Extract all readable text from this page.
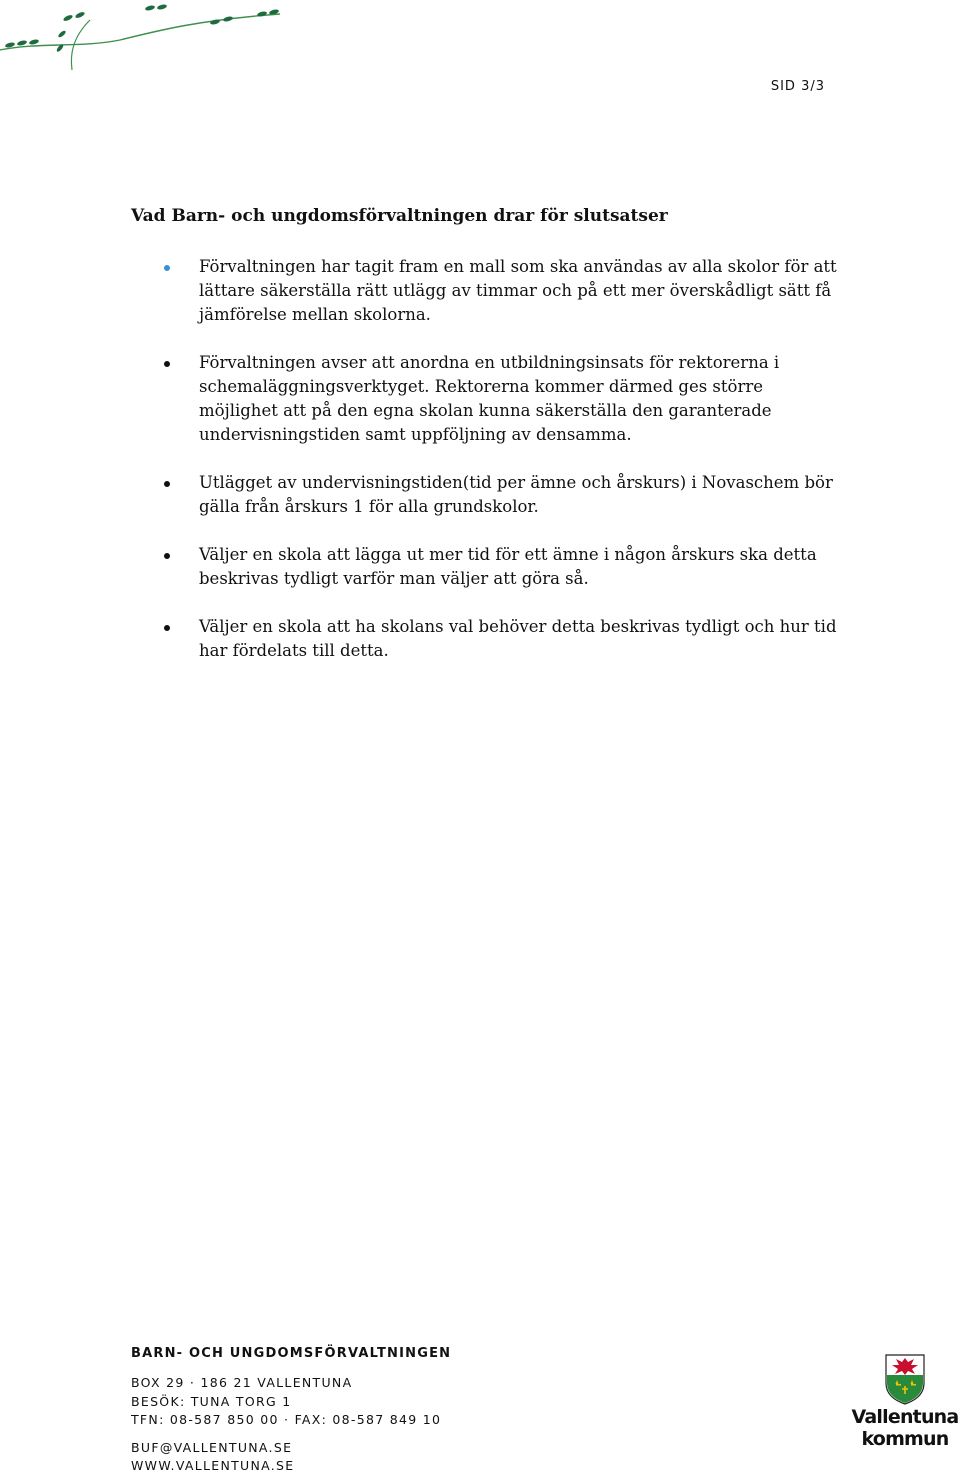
SID 3/3
Vad Barn- och ungdomsförvaltningen drar för slutsatser
Förvaltningen har tagit fram en mall som ska användas av alla skolor för att lättare säkerställa rätt utlägg av timmar och på ett mer överskådligt sätt få jämförelse mellan skolorna.
Förvaltningen avser att anordna en utbildningsinsats för rektorerna i schemaläggningsverktyget. Rektorerna kommer därmed ges större möjlighet att på den egna skolan kunna säkerställa den garanterade undervisningstiden samt uppföljning av densamma.
Utlägget av undervisningstiden(tid per ämne och årskurs) i Novaschem bör gälla från årskurs 1 för alla grundskolor.
Väljer en skola att lägga ut mer tid för ett ämne i någon årskurs ska detta beskrivas tydligt varför man väljer att göra så.
Väljer en skola att ha skolans val behöver detta beskrivas tydligt och hur tid har fördelats till detta.

BARN- OCH UNGDOMSFÖRVALTNINGEN

BOX 29 · 186 21 VALLENTUNA

BESÖK: TUNA TORG 1

TFN: 08-587 850 00 · FAX: 08-587 849 10

BUF@VALLENTUNA.SE

WWW.VALLENTUNA.SE

Vallentuna
kommun
